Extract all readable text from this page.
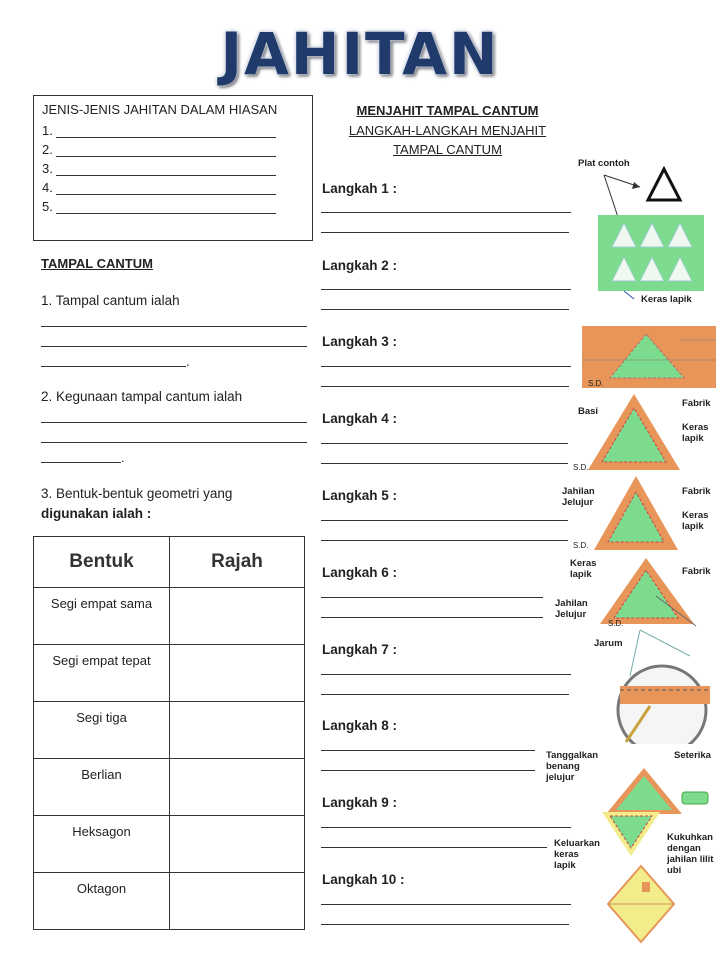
JAHITAN
JENIS-JENIS JAHITAN DALAM HIASAN
1.
2.
3.
4.
5.
TAMPAL CANTUM
1. Tampal cantum ialah
.
2. Kegunaan tampal cantum ialah
.
3. Bentuk-bentuk geometri yang
digunakan ialah :
Bentuk	Rajah
Segi empat sama	
Segi empat tepat	
Segi tiga	
Berlian	
Heksagon	
Oktagon	
MENJAHIT TAMPAL CANTUM
LANGKAH-LANGKAH MENJAHIT
TAMPAL CANTUM
Langkah 1 :
Langkah 2 :
Langkah 3 :
Langkah 4 :
Langkah 5 :
Langkah 6 :
Langkah 7 :
Langkah 8 :
Langkah 9 :
Langkah 10 :
Plat contoh
Keras lapik
S.D.
Basi
Fabrik
Keras
lapik
S.D.
Jahilan
Jelujur
Fabrik
Keras
lapik
S.D.
Keras
lapik	Fabrik
Jahilan
Jelujur
S.D.
Jarum
Tanggalkan
benang
jelujur
Seterika
Keluarkan
keras
lapik
Kukuhkan
dengan
jahilan lilit
ubi
